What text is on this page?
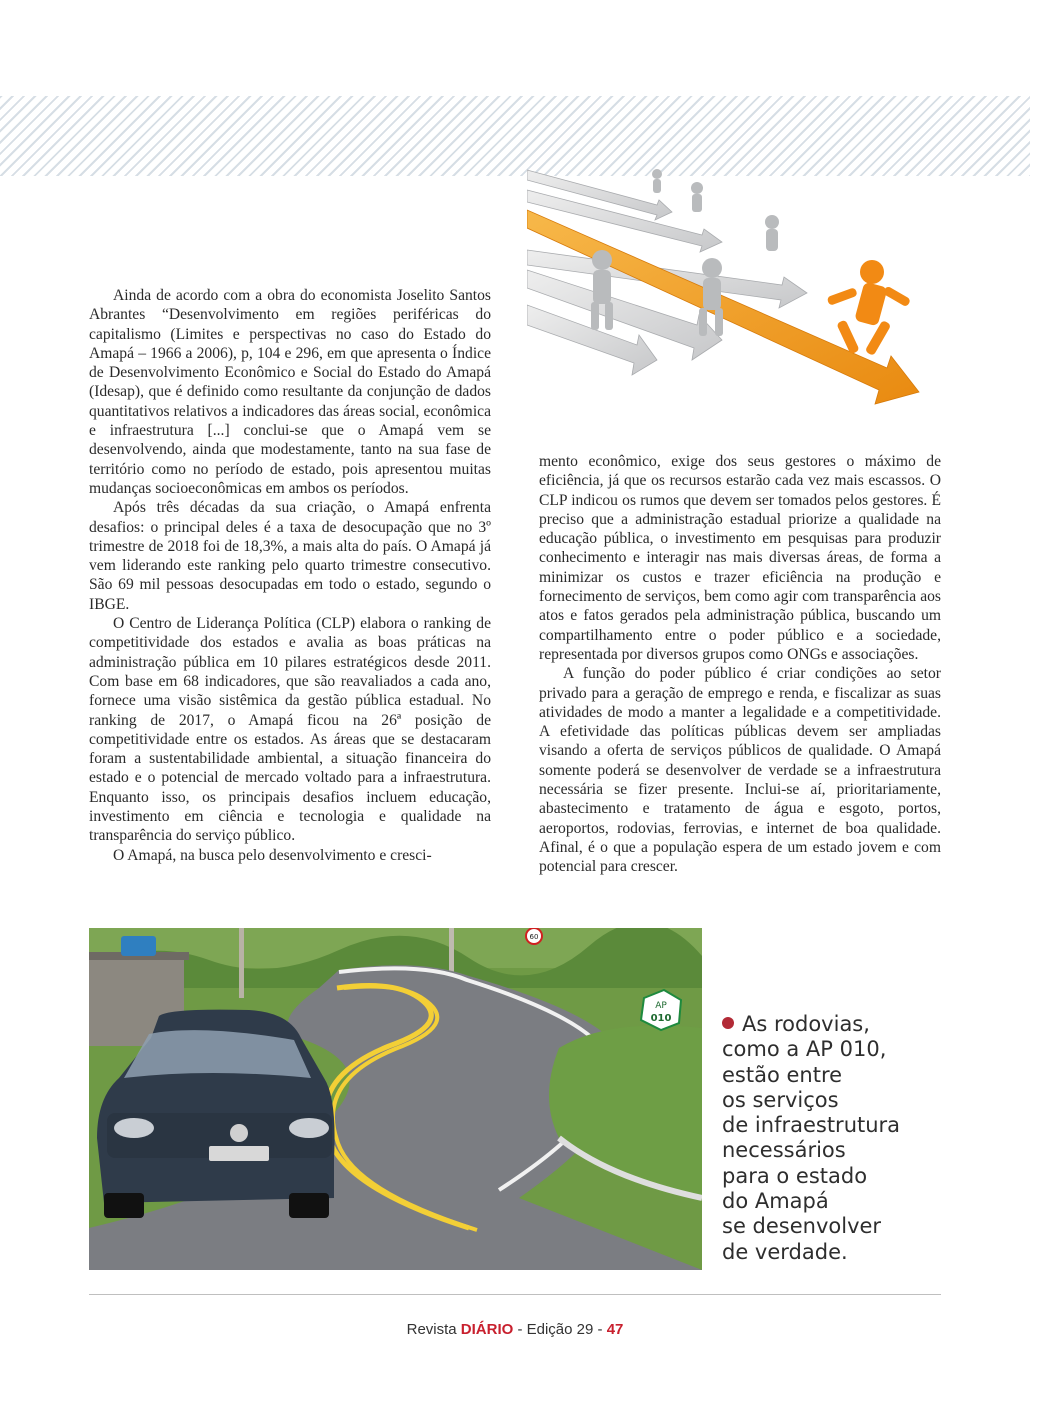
Ainda de acordo com a obra do economista Joselito Santos Abrantes “Desenvolvimento em regiões periféricas do capitalismo (Limites e perspectivas no caso do Estado do Amapá – 1966 a 2006), p, 104 e 296, em que apresenta o Índice de Desenvolvimento Econômico e Social do Estado do Amapá (Idesap), que é definido como resultante da conjunção de dados quantitativos relativos a indicadores das áreas social, econômica e infraestrutura [...] conclui-se que o Amapá vem se desenvolvendo, ainda que modestamente, tanto na sua fase de território como no período de estado, pois apresentou muitas mudanças socioeconômicas em ambos os períodos.

Após três décadas da sua criação, o Amapá enfrenta desafios: o principal deles é a taxa de desocupação que no 3º trimestre de 2018 foi de 18,3%, a mais alta do país. O Amapá já vem liderando este ranking pelo quarto trimestre consecutivo. São 69 mil pessoas desocupadas em todo o estado, segundo o IBGE.

O Centro de Liderança Política (CLP) elabora o ranking de competitividade dos estados e avalia as boas práticas na administração pública em 10 pilares estratégicos desde 2011. Com base em 68 indicadores, que são reavaliados a cada ano, fornece uma visão sistêmica da gestão pública estadual. No ranking de 2017, o Amapá ficou na 26ª posição de competitividade entre os estados. As áreas que se destacaram foram a sustentabilidade ambiental, a situação financeira do estado e o potencial de mercado voltado para a infraestrutura. Enquanto isso, os principais desafios incluem educação, investimento em ciência e tecnologia e qualidade na transparência do serviço público.

O Amapá, na busca pelo desenvolvimento e cresci-

mento econômico, exige dos seus gestores o máximo de eficiência, já que os recursos estarão cada vez mais escassos. O CLP indicou os rumos que devem ser tomados pelos gestores. É preciso que a administração estadual priorize a qualidade na educação pública, o investimento em pesquisas para produzir conhecimento e interagir nas mais diversas áreas, de forma a minimizar os custos e trazer eficiência na produção e fornecimento de serviços, bem como agir com transparência aos atos e fatos gerados pela administração pública, buscando um compartilhamento entre o poder público e a sociedade, representada por diversos grupos como ONGs e associações.

A função do poder público é criar condições ao setor privado para a geração de emprego e renda, e fiscalizar as suas atividades de modo a manter a legalidade e a competitividade. A efetividade das políticas públicas devem ser ampliadas visando a oferta de serviços públicos de qualidade. O Amapá somente poderá se desenvolver de verdade se a infraestrutura necessária se fizer presente. Inclui-se aí, prioritariamente, abastecimento e tratamento de água e esgoto, portos, aeroportos, rodovias, ferrovias, e internet de boa qualidade. Afinal, é o que a população espera de um estado jovem e com potencial para crescer.

60
AP
010	As rodovias,
como a AP 010,
estão entre
os serviços
de infraestrutura
necessários
para o estado
do Amapá
se desenvolver
de verdade.
Revista DIÁRIO - Edição 29 - 47
